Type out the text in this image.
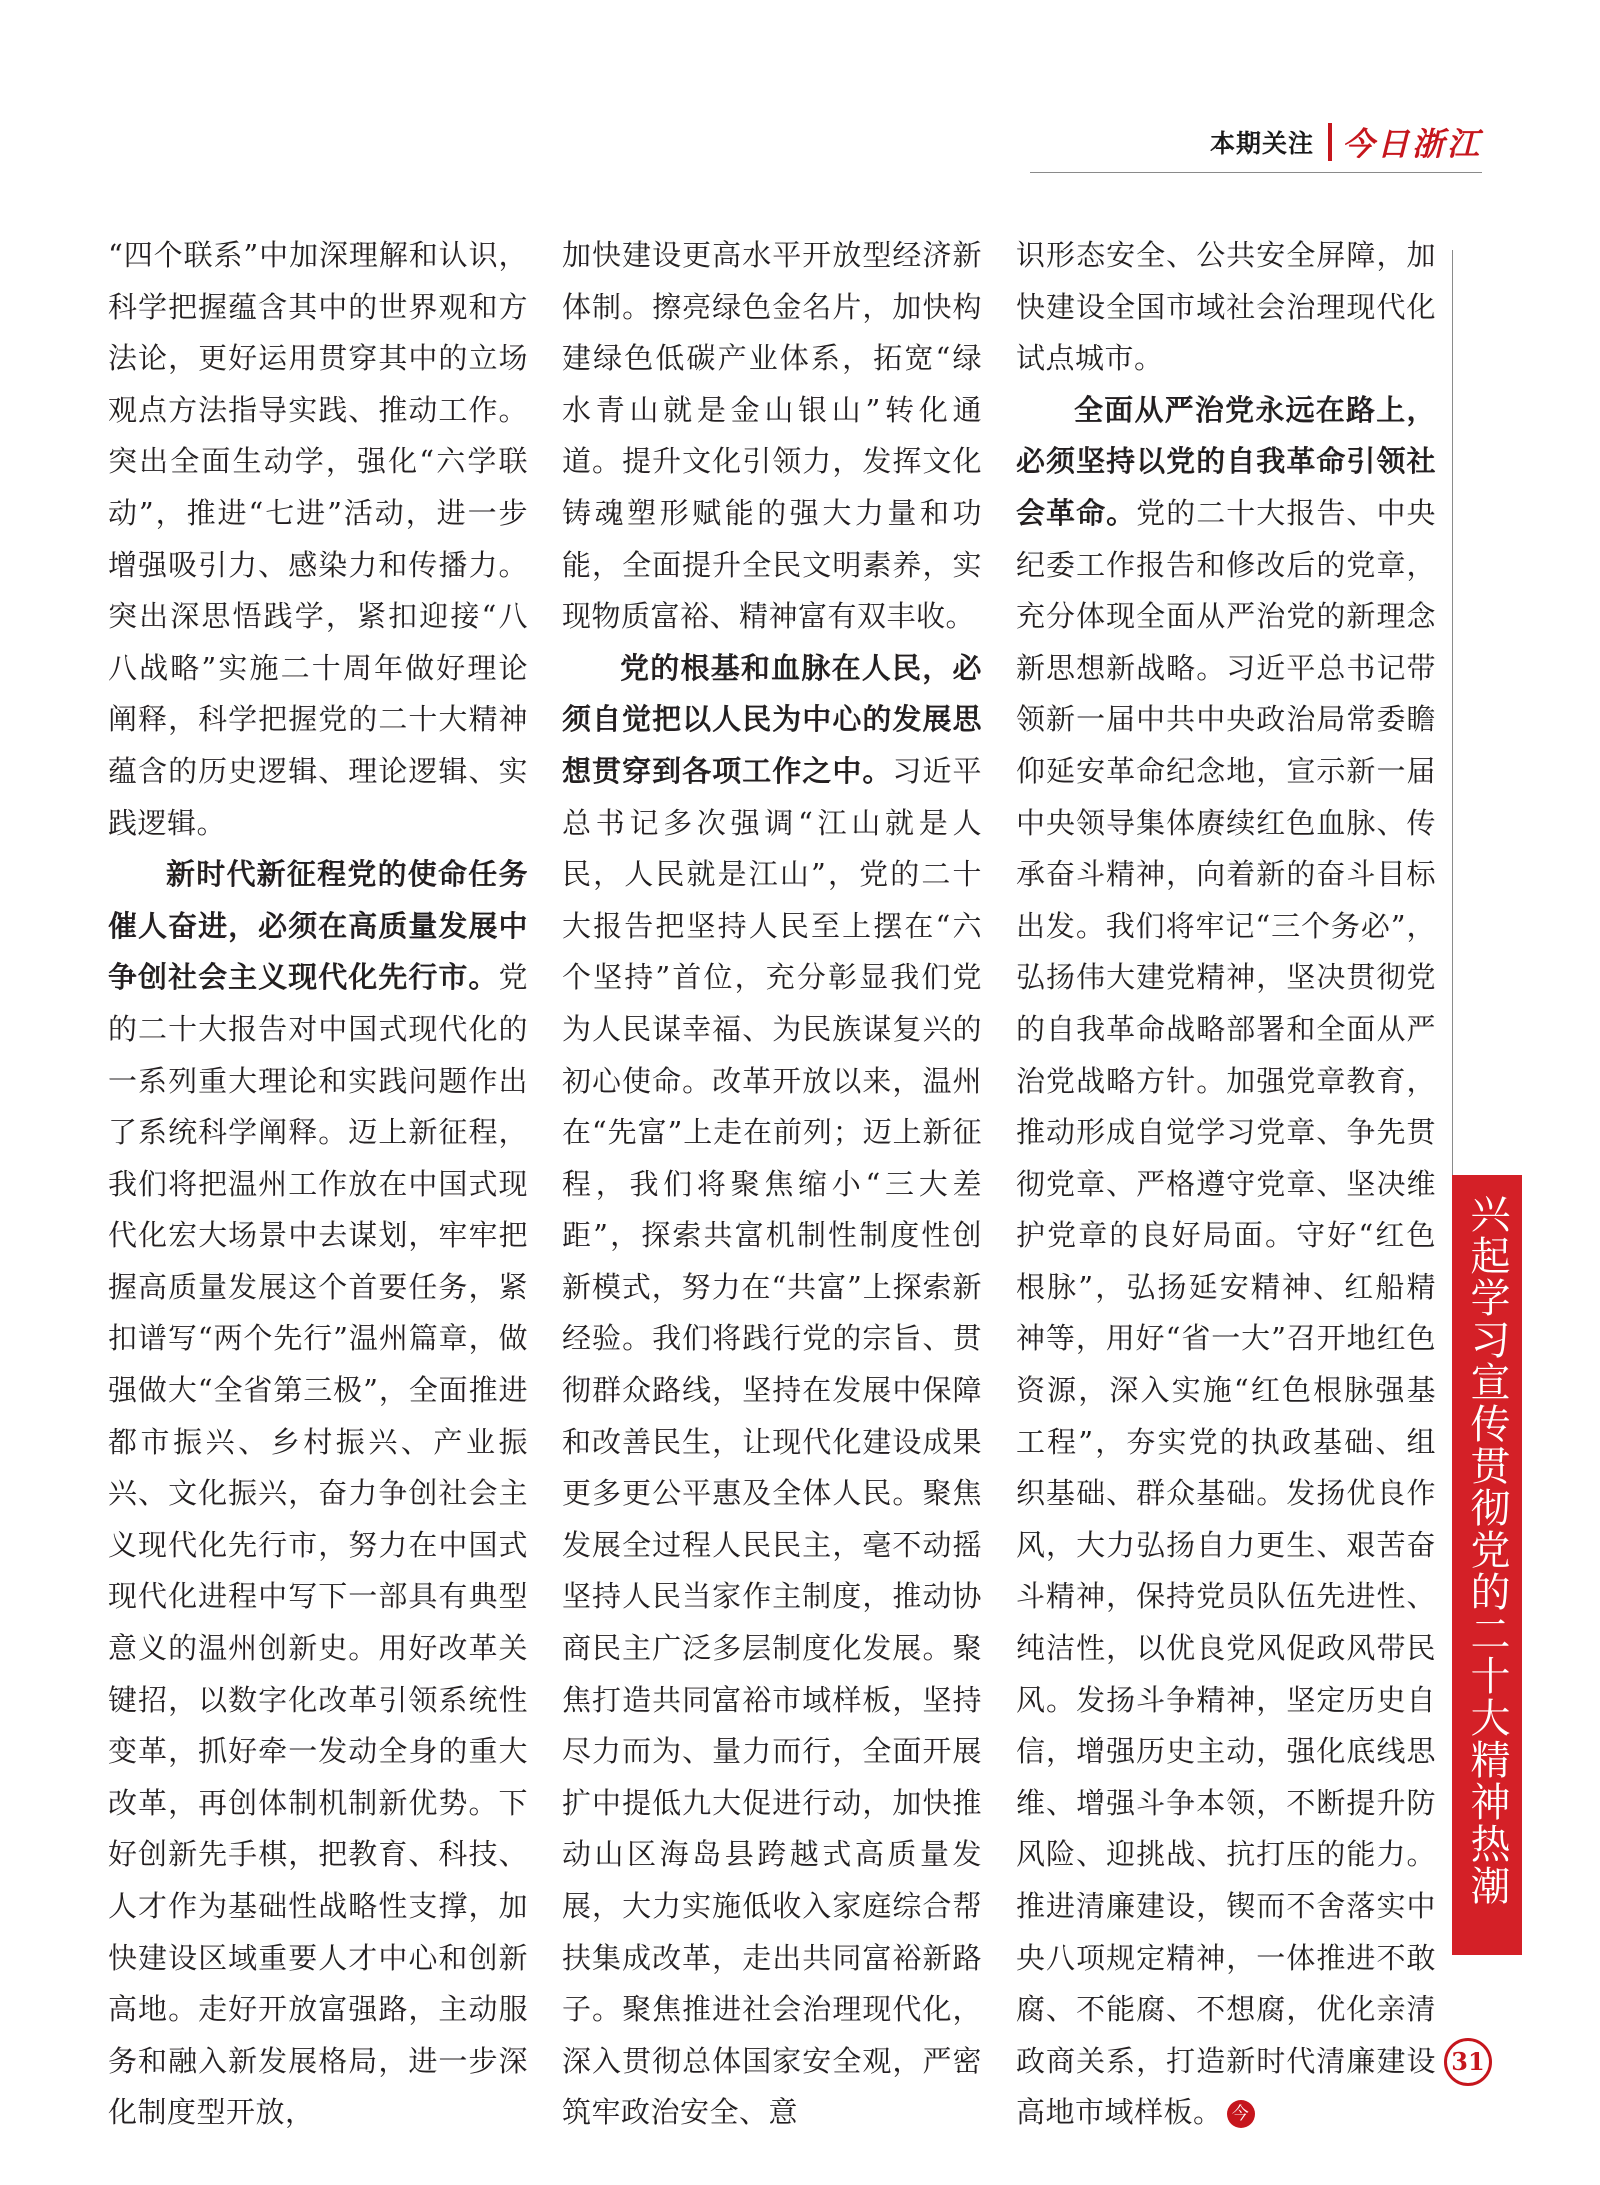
本期关注 今日浙江

“四个联系”中加深理解和认识，科学把握蕴含其中的世界观和方法论，更好运用贯穿其中的立场观点方法指导实践、推动工作。突出全面生动学，强化“六学联动”，推进“七进”活动，进一步增强吸引力、感染力和传播力。突出深思悟践学，紧扣迎接“八八战略”实施二十周年做好理论阐释，科学把握党的二十大精神蕴含的历史逻辑、理论逻辑、实践逻辑。

新时代新征程党的使命任务催人奋进，必须在高质量发展中争创社会主义现代化先行市。党的二十大报告对中国式现代化的一系列重大理论和实践问题作出了系统科学阐释。迈上新征程，我们将把温州工作放在中国式现代化宏大场景中去谋划，牢牢把握高质量发展这个首要任务，紧扣谱写“两个先行”温州篇章，做强做大“全省第三极”，全面推进都市振兴、乡村振兴、产业振兴、文化振兴，奋力争创社会主义现代化先行市，努力在中国式现代化进程中写下一部具有典型意义的温州创新史。用好改革关键招，以数字化改革引领系统性变革，抓好牵一发动全身的重大改革，再创体制机制新优势。下好创新先手棋，把教育、科技、人才作为基础性战略性支撑，加快建设区域重要人才中心和创新高地。走好开放富强路，主动服务和融入新发展格局，进一步深化制度型开放，

加快建设更高水平开放型经济新体制。擦亮绿色金名片，加快构建绿色低碳产业体系，拓宽“绿水青山就是金山银山”转化通道。提升文化引领力，发挥文化铸魂塑形赋能的强大力量和功能，全面提升全民文明素养，实现物质富裕、精神富有双丰收。

党的根基和血脉在人民，必须自觉把以人民为中心的发展思想贯穿到各项工作之中。习近平总书记多次强调“江山就是人民，人民就是江山”，党的二十大报告把坚持人民至上摆在“六个坚持”首位，充分彰显我们党为人民谋幸福、为民族谋复兴的初心使命。改革开放以来，温州在“先富”上走在前列；迈上新征程，我们将聚焦缩小“三大差距”，探索共富机制性制度性创新模式，努力在“共富”上探索新经验。我们将践行党的宗旨、贯彻群众路线，坚持在发展中保障和改善民生，让现代化建设成果更多更公平惠及全体人民。聚焦发展全过程人民民主，毫不动摇坚持人民当家作主制度，推动协商民主广泛多层制度化发展。聚焦打造共同富裕市域样板，坚持尽力而为、量力而行，全面开展扩中提低九大促进行动，加快推动山区海岛县跨越式高质量发展，大力实施低收入家庭综合帮扶集成改革，走出共同富裕新路子。聚焦推进社会治理现代化，深入贯彻总体国家安全观，严密筑牢政治安全、意

识形态安全、公共安全屏障，加快建设全国市域社会治理现代化试点城市。

全面从严治党永远在路上，必须坚持以党的自我革命引领社会革命。党的二十大报告、中央纪委工作报告和修改后的党章，充分体现全面从严治党的新理念新思想新战略。习近平总书记带领新一届中共中央政治局常委瞻仰延安革命纪念地，宣示新一届中央领导集体赓续红色血脉、传承奋斗精神，向着新的奋斗目标出发。我们将牢记“三个务必”，弘扬伟大建党精神，坚决贯彻党的自我革命战略部署和全面从严治党战略方针。加强党章教育，推动形成自觉学习党章、争先贯彻党章、严格遵守党章、坚决维护党章的良好局面。守好“红色根脉”，弘扬延安精神、红船精神等，用好“省一大”召开地红色资源，深入实施“红色根脉强基工程”，夯实党的执政基础、组织基础、群众基础。发扬优良作风，大力弘扬自力更生、艰苦奋斗精神，保持党员队伍先进性、纯洁性，以优良党风促政风带民风。发扬斗争精神，坚定历史自信，增强历史主动，强化底线思维、增强斗争本领，不断提升防风险、迎挑战、抗打压的能力。推进清廉建设，锲而不舍落实中央八项规定精神，一体推进不敢腐、不能腐、不想腐，优化亲清政商关系，打造新时代清廉建设高地市域样板。 今

兴起学习宣传贯彻党的二十大精神热潮
31
